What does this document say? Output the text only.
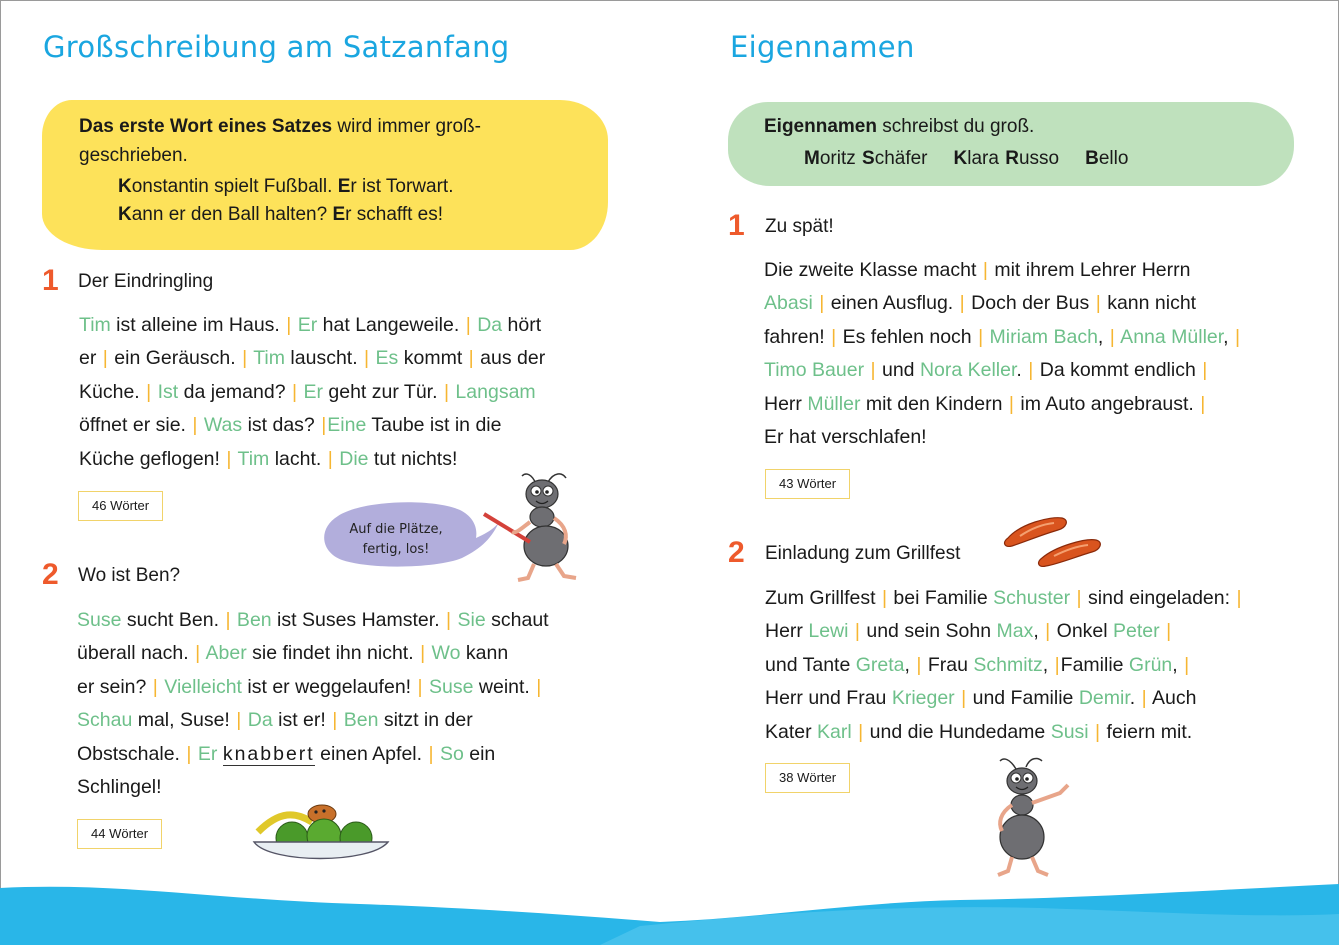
Großschreibung am Satzanfang
Das erste Wort eines Satzes wird immer groß-
geschrieben.
Konstantin spielt Fußball. Er ist Torwart.
Kann er den Ball halten? Er schafft es!
1 Der Eindringling
Tim ist alleine im Haus. | Er hat Langeweile. | Da hört
er | ein Geräusch. | Tim lauscht. | Es kommt | aus der
Küche. | Ist da jemand? | Er geht zur Tür. | Langsam
öffnet er sie. | Was ist das? |Eine Taube ist in die
Küche geflogen! | Tim lacht. | Die tut nichts!
46 Wörter
Auf die Plätze,
fertig, los!
2 Wo ist Ben?
Suse sucht Ben. | Ben ist Suses Hamster. | Sie schaut
überall nach. | Aber sie findet ihn nicht. | Wo kann
er sein? | Vielleicht ist er weggelaufen! | Suse weint. |
Schau mal, Suse! | Da ist er! | Ben sitzt in der
Obstschale. | Er knabbert einen Apfel. | So ein
Schlingel!
44 Wörter
Eigennamen
Eigennamen schreibst du groß.
Moritz Schäfer Klara Russo Bello
1 Zu spät!
Die zweite Klasse macht | mit ihrem Lehrer Herrn
Abasi | einen Ausflug. | Doch der Bus | kann nicht
fahren! | Es fehlen noch | Miriam Bach, | Anna Müller, |
Timo Bauer | und Nora Keller. | Da kommt endlich |
Herr Müller mit den Kindern | im Auto angebraust. |
Er hat verschlafen!
43 Wörter
2 Einladung zum Grillfest
Zum Grillfest | bei Familie Schuster | sind eingeladen: |
Herr Lewi | und sein Sohn Max, | Onkel Peter |
und Tante Greta, | Frau Schmitz, |Familie Grün, |
Herr und Frau Krieger | und Familie Demir. | Auch
Kater Karl | und die Hundedame Susi | feiern mit.
38 Wörter
